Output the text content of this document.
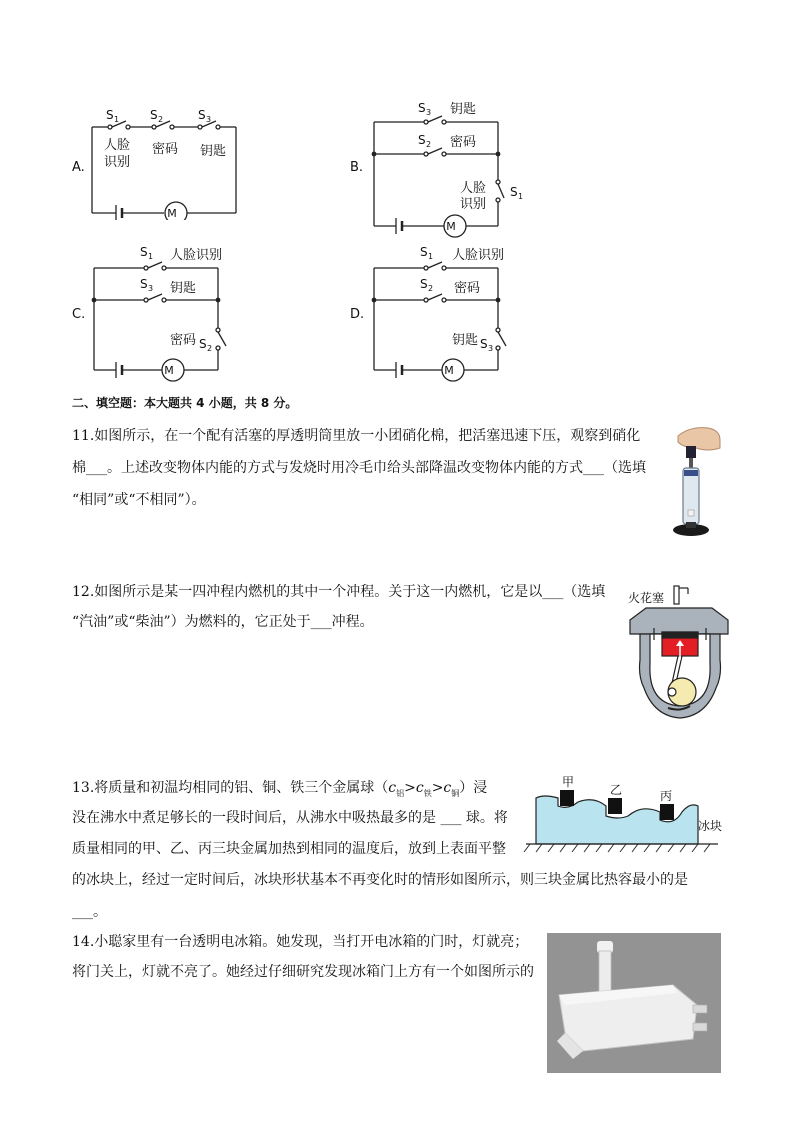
A.
M
S 1	S 2	S 3
人脸
识别
密码 钥匙
B.
M
S 3 钥匙
S 2 密码
人脸
识别
S 1
C.
M
S 1 人脸识别
S 3 钥匙
密码 S 2
D.
M
S 1 人脸识别
S 2 密码
钥匙 S 3
二、填空题：本大题共 4 小题，共 8 分。
11.如图所示，在一个配有活塞的厚透明筒里放一小团硝化棉，把活塞迅速下压，观察到硝化
棉___。上述改变物体内能的方式与发烧时用冷毛巾给头部降温改变物体内能的方式___（选填
“相同”或“不相同”）。
12.如图所示是某一四冲程内燃机的其中一个冲程。关于这一内燃机，它是以___（选填
“汽油”或“柴油”）为燃料的，它正处于___冲程。
火花塞
13.将质量和初温均相同的铝、铜、铁三个金属球$(c_铝>c_铁>c_铜)$浸
没在沸水中煮足够长的一段时间后，从沸水中吸热最多的是 ___ 球。将
质量相同的甲、乙、丙三块金属加热到相同的温度后，放到上表面平整
的冰块上，经过一定时间后，冰块形状基本不再变化时的情形如图所示，则三块金属比热容最小的是
___。
甲
乙	丙
冰块
14.小聪家里有一台透明电冰箱。她发现，当打开电冰箱的门时，灯就亮；
将门关上，灯就不亮了。她经过仔细研究发现冰箱门上方有一个如图所示的
